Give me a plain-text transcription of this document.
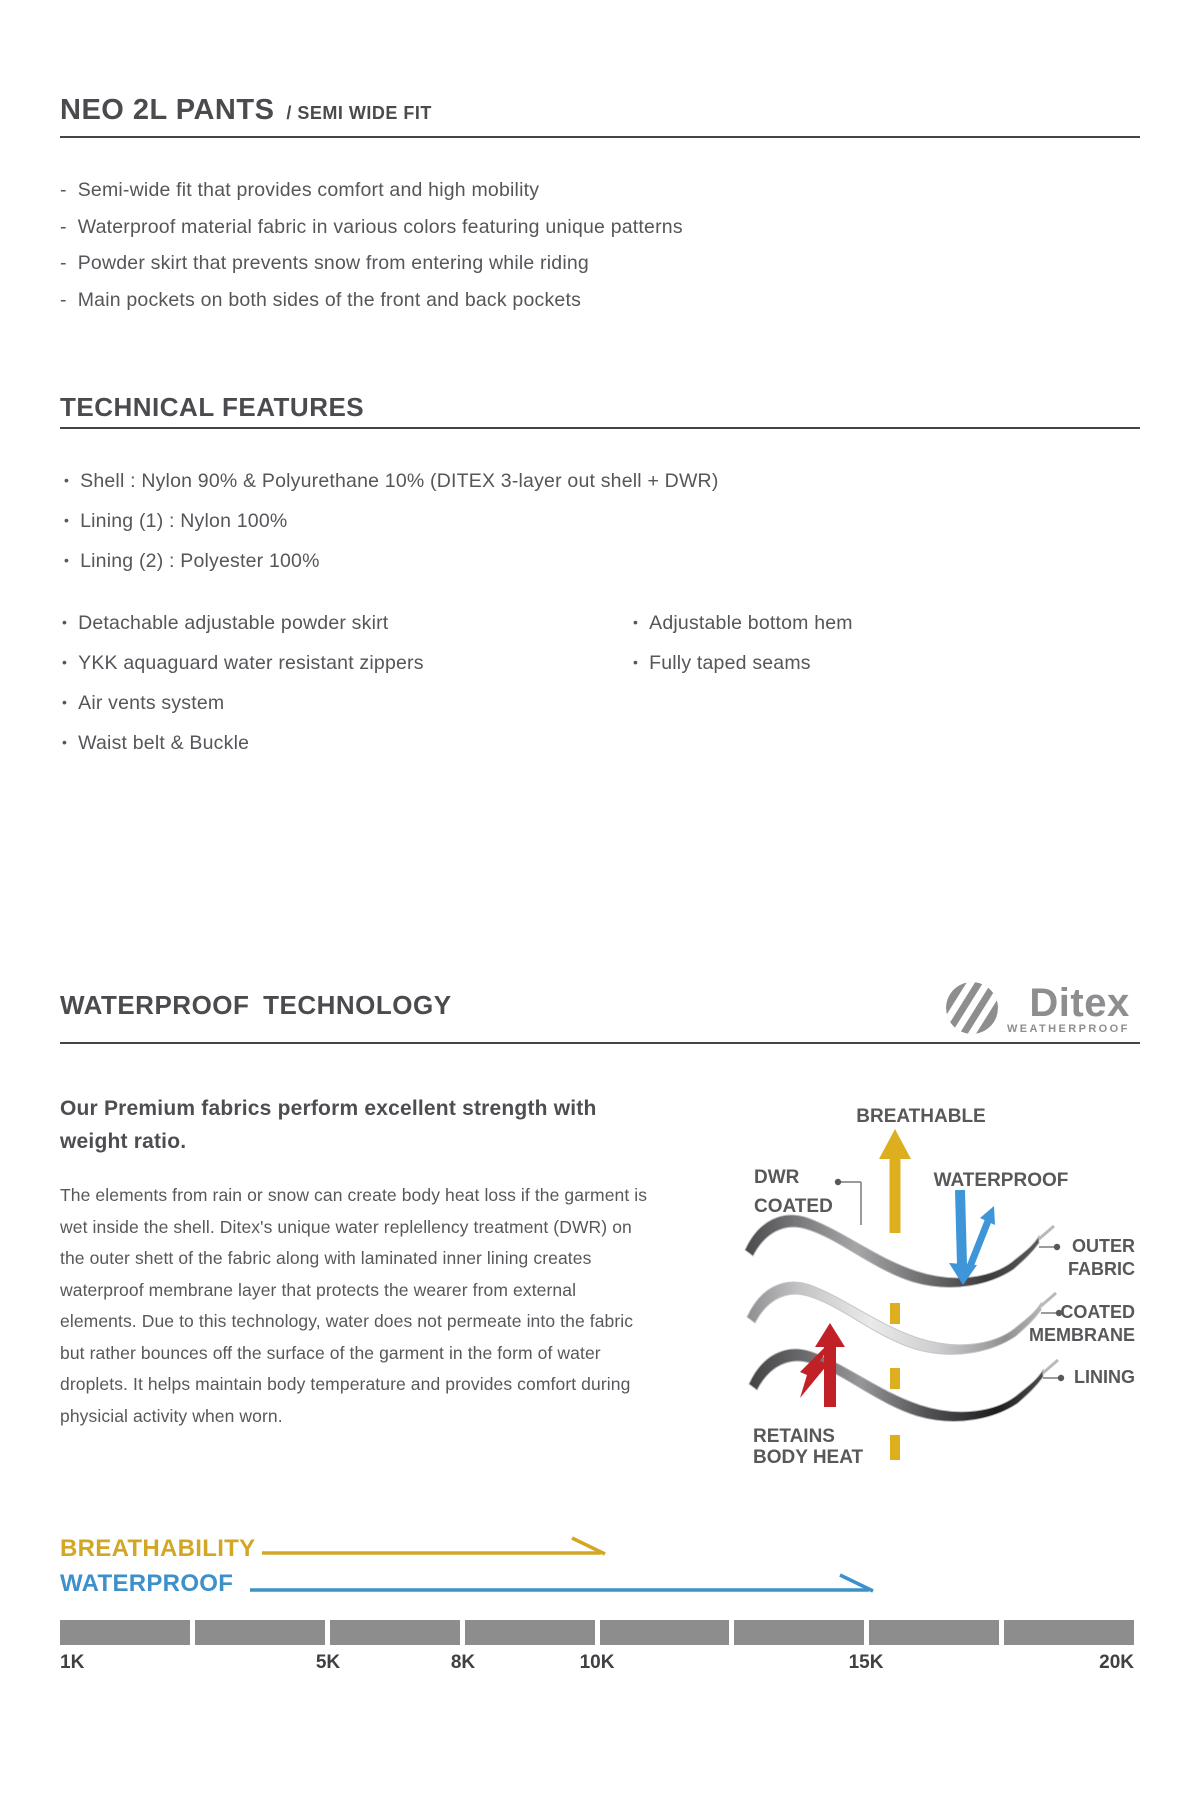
NEO 2L PANTS / SEMI WIDE FIT
- Semi-wide fit that provides comfort and high mobility
- Waterproof material fabric in various colors featuring unique patterns
- Powder skirt that prevents snow from entering while riding
- Main pockets on both sides of the front and back pockets
TECHNICAL FEATURES
• Shell : Nylon 90% & Polyurethane 10% (DITEX 3-layer out shell + DWR)
• Lining (1) : Nylon 100%
• Lining (2) : Polyester 100%
• Detachable adjustable powder skirt
• YKK aquaguard water resistant zippers
• Air vents system
• Waist belt & Buckle
• Adjustable bottom hem
• Fully taped seams
WATERPROOF TECHNOLOGY	Ditex
WEATHERPROOF

Our Premium fabrics perform excellent strength with weight ratio.

The elements from rain or snow can create body heat loss if the garment is wet inside the shell. Ditex's unique water replellency treatment (DWR) on the outer shett of the fabric along with laminated inner lining creates waterproof membrane layer that protects the wearer from external elements. Due to this technology, water does not permeate into the fabric but rather bounces off the surface of the garment in the form of water droplets. It helps maintain body temperature and provides comfort during physicial activity when worn.

BREATHABLE
DWR
COATED
WATERPROOF
OUTER
FABRIC
COATED
MEMBRANE
LINING
RETAINS
BODY HEAT
BREATHABILITY
WATERPROOF
1K	5K	8K	10K	15K	20K
